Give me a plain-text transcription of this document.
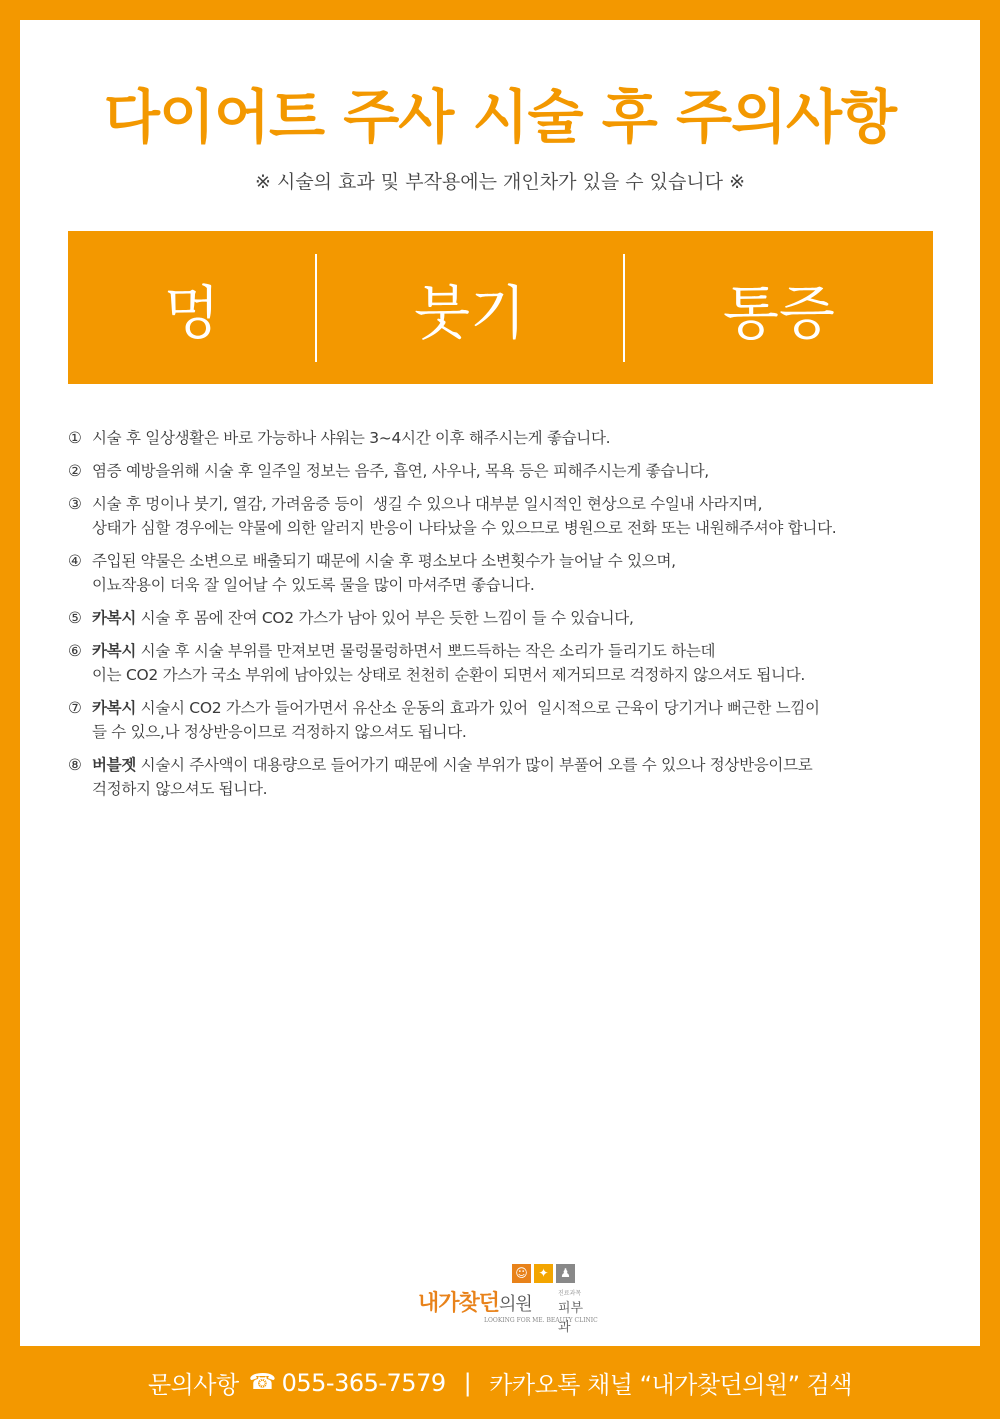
다이어트 주사 시술 후 주의사항
※ 시술의 효과 및 부작용에는 개인차가 있을 수 있습니다 ※
멍	붓기	통증
① 시술 후 일상생활은 바로 가능하나 샤워는 3~4시간 이후 해주시는게 좋습니다.
② 염증 예방을위해 시술 후 일주일 정보는 음주, 흡연, 사우나, 목욕 등은 피해주시는게 좋습니다,
③ 시술 후 멍이나 붓기, 열감, 가려움증 등이  생길 수 있으나 대부분 일시적인 현상으로 수일내 사라지며,
상태가 심할 경우에는 약물에 의한 알러지 반응이 나타났을 수 있으므로 병원으로 전화 또는 내원해주셔야 합니다.
④ 주입된 약물은 소변으로 배출되기 때문에 시술 후 평소보다 소변횟수가 늘어날 수 있으며,
이뇨작용이 더욱 잘 일어날 수 있도록 물을 많이 마셔주면 좋습니다.
⑤ 카복시 시술 후 몸에 잔여 CO2 가스가 남아 있어 부은 듯한 느낌이 들 수 있습니다,
⑥ 카복시 시술 후 시술 부위를 만져보면 물렁물렁하면서 뽀드득하는 작은 소리가 들리기도 하는데
이는 CO2 가스가 국소 부위에 남아있는 상태로 천천히 순환이 되면서 제거되므로 걱정하지 않으셔도 됩니다.
⑦ 카복시 시술시 CO2 가스가 들어가면서 유산소 운동의 효과가 있어  일시적으로 근육이 당기거나 뻐근한 느낌이
들 수 있으,나 정상반응이므로 걱정하지 않으셔도 됩니다.
⑧ 버블젯 시술시 주사액이 대용량으로 들어가기 때문에 시술 부위가 많이 부풀어 오를 수 있으나 정상반응이므로
걱정하지 않으셔도 됩니다.
☺ ✦ ♟
내가찾던의원
진료과목
피부과
LOOKING FOR ME. BEAUTY CLINIC
문의사항 ☎ 055-365-7579 | 카카오톡 채널 “내가찾던의원” 검색
